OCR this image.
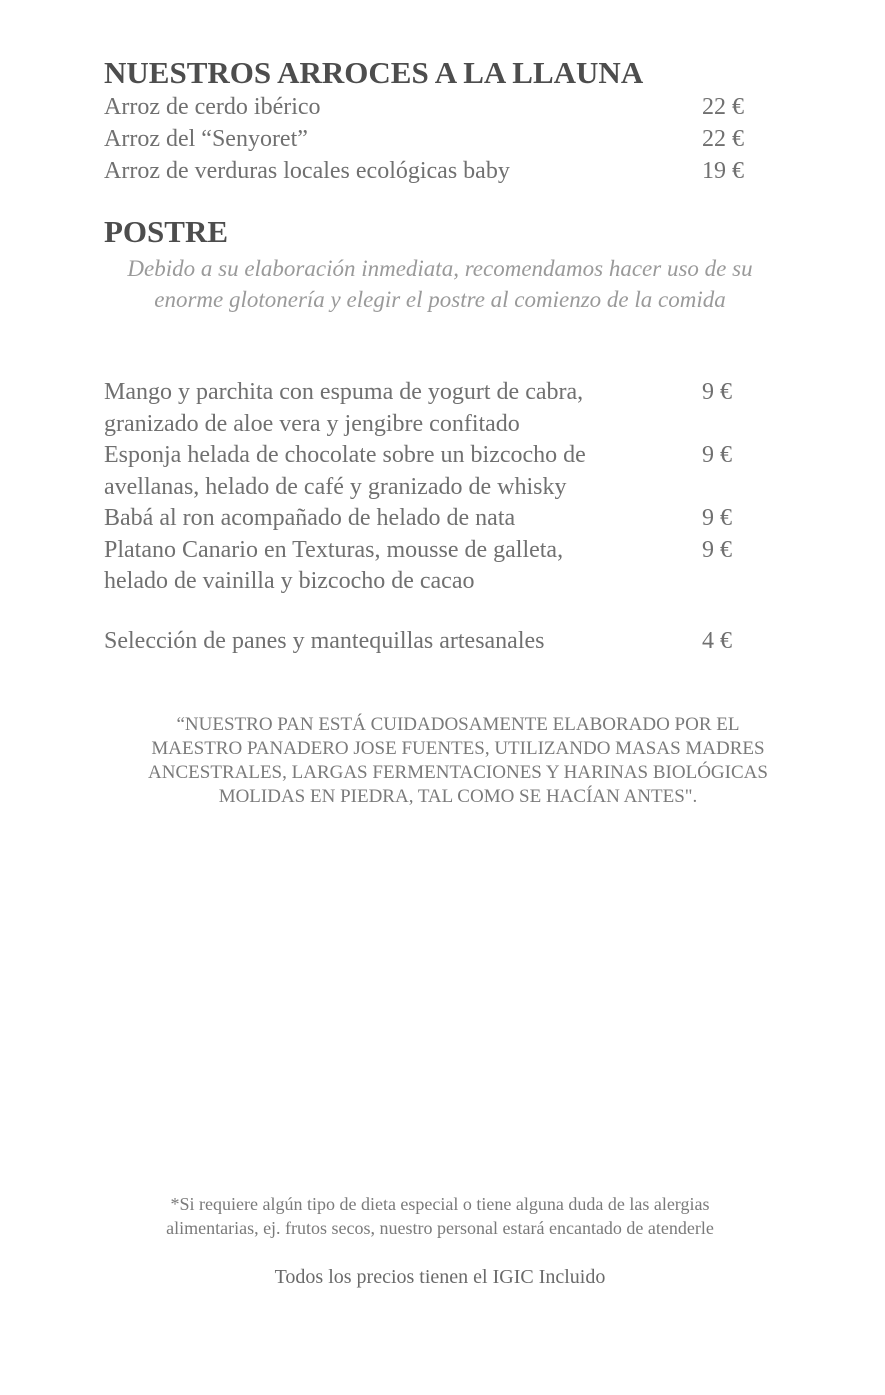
NUESTROS ARROCES A LA LLAUNA
Arroz de cerdo ibérico	22 €
Arroz del “Senyoret”	22 €
Arroz de verduras locales ecológicas baby	19 €
POSTRE
Debido a su elaboración inmediata, recomendamos hacer uso de su enorme glotonería y elegir el postre al comienzo de la comida
Mango y parchita con espuma de yogurt de cabra,
granizado de aloe vera y jengibre confitado
9 €
Esponja helada de chocolate sobre un bizcocho de
avellanas, helado de café y granizado de whisky
9 €
Babá al ron acompañado de helado de nata	9 €
Platano Canario en Texturas, mousse de galleta,
helado de vainilla y bizcocho de cacao
9 €
Selección de panes y mantequillas artesanales	4 €
“NUESTRO PAN ESTÁ CUIDADOSAMENTE ELABORADO POR EL
MAESTRO PANADERO JOSE FUENTES, UTILIZANDO MASAS MADRES
ANCESTRALES, LARGAS FERMENTACIONES Y HARINAS BIOLÓGICAS
MOLIDAS EN PIEDRA, TAL COMO SE HACÍAN ANTES".
*Si requiere algún tipo de dieta especial o tiene alguna duda de las alergias
alimentarias, ej. frutos secos, nuestro personal estará encantado de atenderle
Todos los precios tienen el IGIC Incluido
